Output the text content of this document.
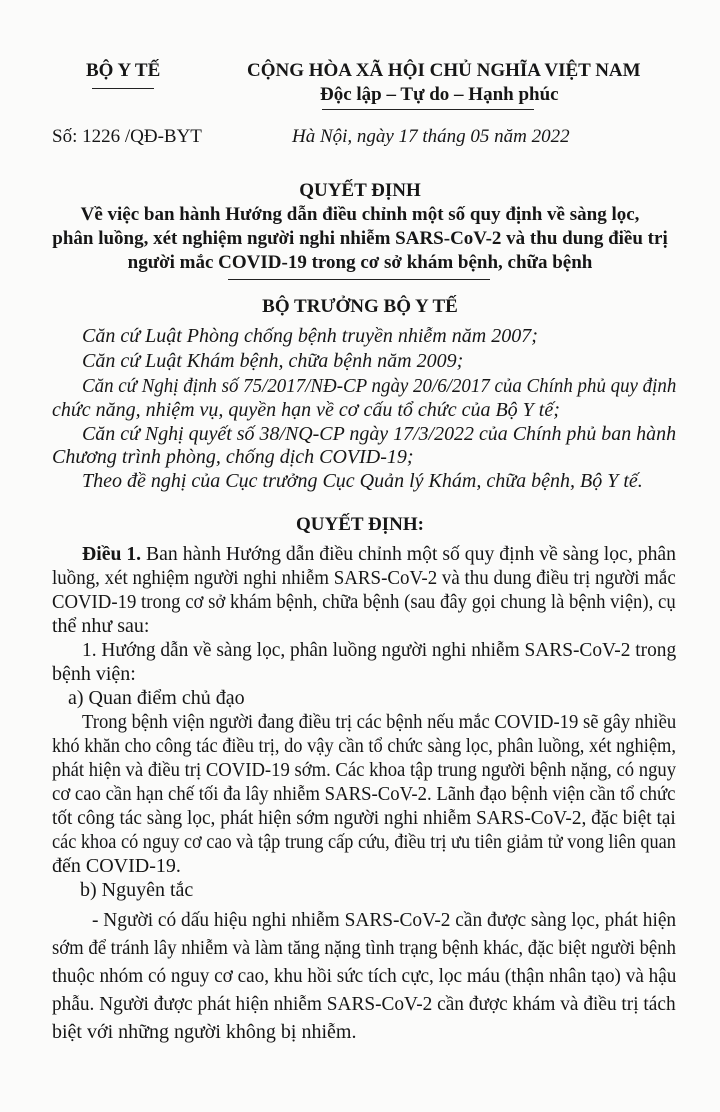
BỘ Y TẾ	CỘNG HÒA XÃ HỘI CHỦ NGHĨA VIỆT NAM
Độc lập – Tự do – Hạnh phúc
Số: 1226 /QĐ-BYT	Hà Nội, ngày 17 tháng 05 năm 2022
QUYẾT ĐỊNH
Về việc ban hành Hướng dẫn điều chỉnh một số quy định về sàng lọc,
phân luồng, xét nghiệm người nghi nhiễm SARS-CoV-2 và thu dung điều trị
người mắc COVID-19 trong cơ sở khám bệnh, chữa bệnh
BỘ TRƯỞNG BỘ Y TẾ
Căn cứ Luật Phòng chống bệnh truyền nhiễm năm 2007;
Căn cứ Luật Khám bệnh, chữa bệnh năm 2009;
Căn cứ Nghị định số 75/2017/NĐ-CP ngày 20/6/2017 của Chính phủ quy định
chức năng, nhiệm vụ, quyền hạn về cơ cấu tổ chức của Bộ Y tế;
Căn cứ Nghị quyết số 38/NQ-CP ngày 17/3/2022 của Chính phủ ban hành
Chương trình phòng, chống dịch COVID-19;
Theo đề nghị của Cục trưởng Cục Quản lý Khám, chữa bệnh, Bộ Y tế.
QUYẾT ĐỊNH:
Điều 1. Ban hành Hướng dẫn điều chỉnh một số quy định về sàng lọc, phân
luồng, xét nghiệm người nghi nhiễm SARS-CoV-2 và thu dung điều trị người mắc
COVID-19 trong cơ sở khám bệnh, chữa bệnh (sau đây gọi chung là bệnh viện), cụ
thể như sau:
1. Hướng dẫn về sàng lọc, phân luồng người nghi nhiễm SARS-CoV-2 trong
bệnh viện:
a) Quan điểm chủ đạo
Trong bệnh viện người đang điều trị các bệnh nếu mắc COVID-19 sẽ gây nhiều
khó khăn cho công tác điều trị, do vậy cần tổ chức sàng lọc, phân luồng, xét nghiệm,
phát hiện và điều trị COVID-19 sớm. Các khoa tập trung người bệnh nặng, có nguy
cơ cao cần hạn chế tối đa lây nhiễm SARS-CoV-2. Lãnh đạo bệnh viện cần tổ chức
tốt công tác sàng lọc, phát hiện sớm người nghi nhiễm SARS-CoV-2, đặc biệt tại
các khoa có nguy cơ cao và tập trung cấp cứu, điều trị ưu tiên giảm tử vong liên quan
đến COVID-19.
b) Nguyên tắc
- Người có dấu hiệu nghi nhiễm SARS-CoV-2 cần được sàng lọc, phát hiện
sớm để tránh lây nhiễm và làm tăng nặng tình trạng bệnh khác, đặc biệt người bệnh
thuộc nhóm có nguy cơ cao, khu hồi sức tích cực, lọc máu (thận nhân tạo) và hậu
phẫu. Người được phát hiện nhiễm SARS-CoV-2 cần được khám và điều trị tách
biệt với những người không bị nhiễm.
